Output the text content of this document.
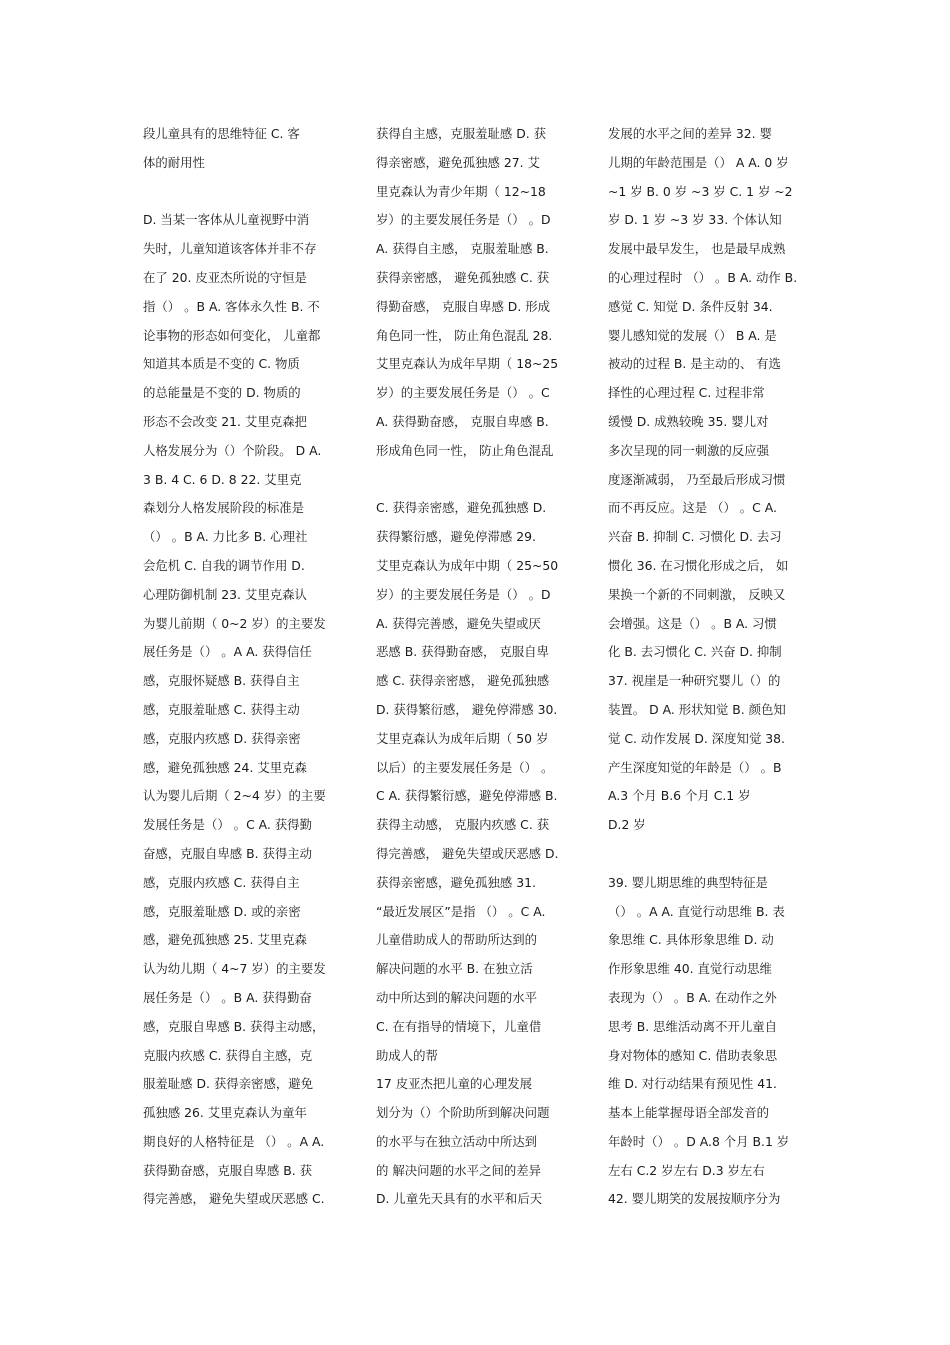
段儿童具有的思维特征 C. 客
体的耐用性
D. 当某一客体从儿童视野中消
失时，儿童知道该客体并非不存
在了 20. 皮亚杰所说的守恒是
指（） 。B A. 客体永久性 B. 不
论事物的形态如何变化， 儿童都
知道其本质是不变的 C. 物质
的总能量是不变的 D. 物质的
形态不会改变 21. 艾里克森把
人格发展分为（）个阶段。 D A.
3 B. 4 C. 6 D. 8 22. 艾里克
森划分人格发展阶段的标准是
（） 。B A. 力比多 B. 心理社
会危机 C. 自我的调节作用 D.
心理防御机制 23. 艾里克森认
为婴儿前期（ 0~2 岁）的主要发
展任务是（） 。A A. 获得信任
感，克服怀疑感 B. 获得自主
感，克服羞耻感 C. 获得主动
感，克服内疚感 D. 获得亲密
感，避免孤独感 24. 艾里克森
认为婴儿后期（ 2~4 岁）的主要
发展任务是（） 。C A. 获得勤
奋感，克服自卑感 B. 获得主动
感，克服内疚感 C. 获得自主
感，克服羞耻感 D. 或的亲密
感，避免孤独感 25. 艾里克森
认为幼儿期（ 4~7 岁）的主要发
展任务是（） 。B A. 获得勤奋
感，克服自卑感 B. 获得主动感，
克服内疚感 C. 获得自主感，克
服羞耻感 D. 获得亲密感，避免
孤独感 26. 艾里克森认为童年
期良好的人格特征是 （） 。A A.
获得勤奋感，克服自卑感 B. 获
得完善感， 避免失望或厌恶感 C.
获得自主感，克服羞耻感 D. 获
得亲密感，避免孤独感 27. 艾
里克森认为青少年期（ 12~18
岁）的主要发展任务是（） 。D
A. 获得自主感， 克服羞耻感 B.
获得亲密感， 避免孤独感 C. 获
得勤奋感， 克服自卑感 D. 形成
角色同一性， 防止角色混乱 28.
艾里克森认为成年早期（ 18~25
岁）的主要发展任务是（） 。C
A. 获得勤奋感， 克服自卑感 B.
形成角色同一性， 防止角色混乱
C. 获得亲密感，避免孤独感 D.
获得繁衍感，避免停滞感 29.
艾里克森认为成年中期（ 25~50
岁）的主要发展任务是（） 。D
A. 获得完善感，避免失望或厌
恶感 B. 获得勤奋感， 克服自卑
感 C. 获得亲密感， 避免孤独感
D. 获得繁衍感， 避免停滞感 30.
艾里克森认为成年后期（ 50 岁
以后）的主要发展任务是（） 。
C A. 获得繁衍感，避免停滞感 B.
获得主动感， 克服内疚感 C. 获
得完善感， 避免失望或厌恶感 D.
获得亲密感，避免孤独感 31.
“最近发展区”是指 （） 。C A.
儿童借助成人的帮助所达到的
解决问题的水平 B. 在独立活
动中所达到的解决问题的水平
C. 在有指导的情境下，儿童借
助成人的帮
17 皮亚杰把儿童的心理发展
划分为（）个阶助所到解决问题
的水平与在独立活动中所达到
的 解决问题的水平之间的差异
D. 儿童先天具有的水平和后天
发展的水平之间的差异 32. 婴
儿期的年龄范围是（） A A. 0 岁
~1 岁 B. 0 岁 ~3 岁 C. 1 岁 ~2
岁 D. 1 岁 ~3 岁 33. 个体认知
发展中最早发生， 也是最早成熟
的心理过程时 （） 。B A. 动作 B.
感觉 C. 知觉 D. 条件反射 34.
婴儿感知觉的发展（） B A. 是
被动的过程 B. 是主动的、 有选
择性的心理过程 C. 过程非常
缓慢 D. 成熟较晚 35. 婴儿对
多次呈现的同一刺激的反应强
度逐渐减弱， 乃至最后形成习惯
而不再反应。这是 （） 。C A.
兴奋 B. 抑制 C. 习惯化 D. 去习
惯化 36. 在习惯化形成之后， 如
果换一个新的不同刺激， 反映又
会增强。这是（） 。B A. 习惯
化 B. 去习惯化 C. 兴奋 D. 抑制
37. 视崖是一种研究婴儿（）的
装置。 D A. 形状知觉 B. 颜色知
觉 C. 动作发展 D. 深度知觉 38.
产生深度知觉的年龄是（） 。B
A.3 个月 B.6 个月 C.1 岁
D.2 岁
39. 婴儿期思维的典型特征是
（） 。A A. 直觉行动思维 B. 表
象思维 C. 具体形象思维 D. 动
作形象思维 40. 直觉行动思维
表现为（） 。B A. 在动作之外
思考 B. 思维活动离不开儿童自
身对物体的感知 C. 借助表象思
维 D. 对行动结果有预见性 41.
基本上能掌握母语全部发音的
年龄时（） 。D A.8 个月 B.1 岁
左右 C.2 岁左右 D.3 岁左右
42. 婴儿期笑的发展按顺序分为
